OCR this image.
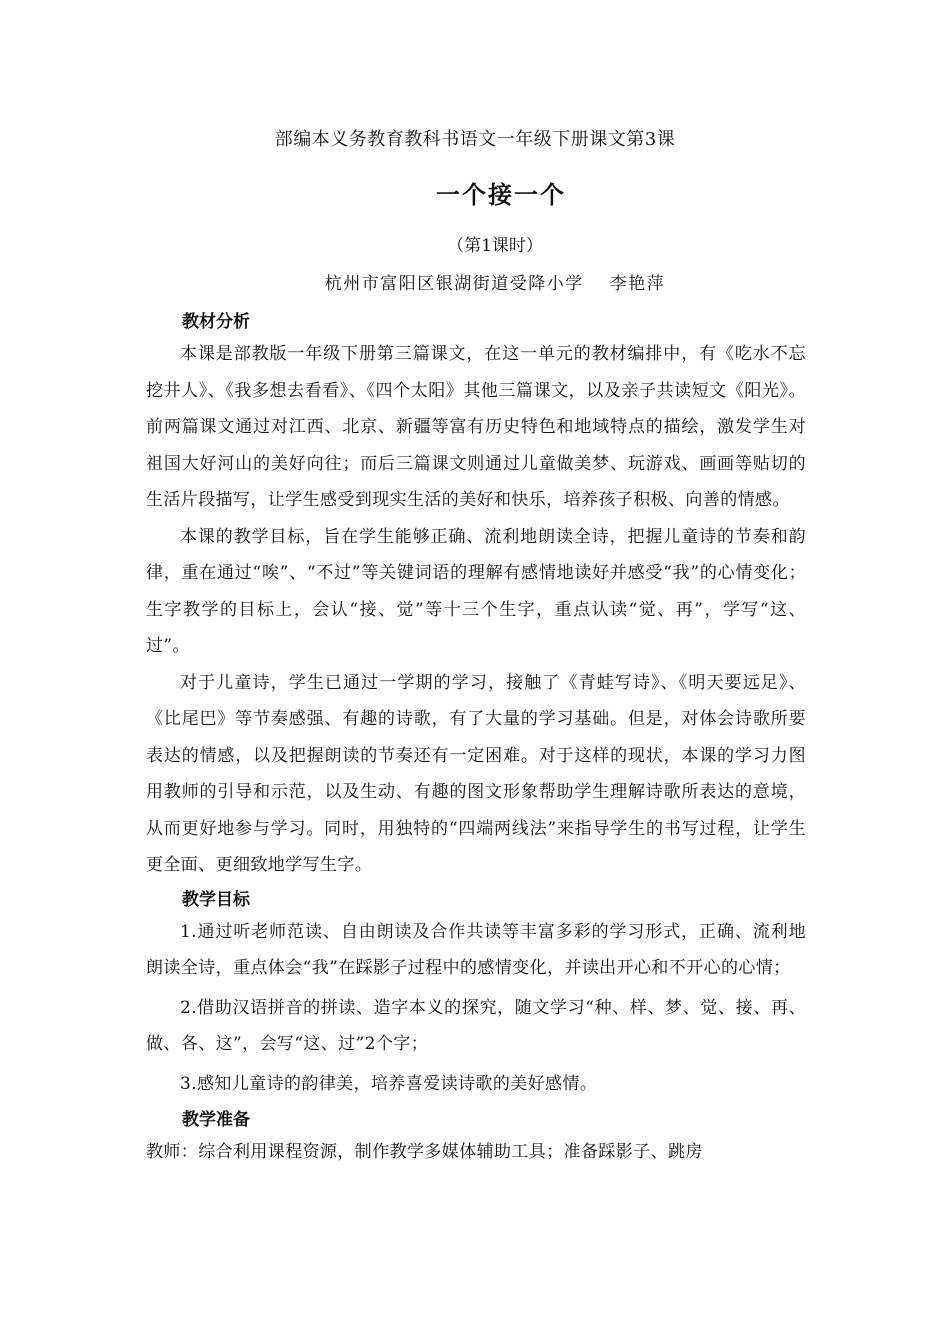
部编本义务教育教科书语文一年级下册课文第3课
一个接一个
（第1课时）
杭州市富阳区银湖街道受降小学 李艳萍
教材分析

本课是部教版一年级下册第三篇课文，在这一单元的教材编排中，有《吃水不忘挖井人》、《我多想去看看》、《四个太阳》其他三篇课文，以及亲子共读短文《阳光》。前两篇课文通过对江西、北京、新疆等富有历史特色和地域特点的描绘，激发学生对祖国大好河山的美好向往；而后三篇课文则通过儿童做美梦、玩游戏、画画等贴切的生活片段描写，让学生感受到现实生活的美好和快乐，培养孩子积极、向善的情感。

本课的教学目标，旨在学生能够正确、流利地朗读全诗，把握儿童诗的节奏和韵律，重在通过“唉”、“不过”等关键词语的理解有感情地读好并感受“我”的心情变化；生字教学的目标上，会认“接、觉”等十三个生字，重点认读“觉、再”，学写“这、过”。

对于儿童诗，学生已通过一学期的学习，接触了《青蛙写诗》、《明天要远足》、《比尾巴》等节奏感强、有趣的诗歌，有了大量的学习基础。但是，对体会诗歌所要表达的情感，以及把握朗读的节奏还有一定困难。对于这样的现状，本课的学习力图用教师的引导和示范，以及生动、有趣的图文形象帮助学生理解诗歌所表达的意境，从而更好地参与学习。同时，用独特的“四端两线法”来指导学生的书写过程，让学生更全面、更细致地学写生字。

教学目标

1.通过听老师范读、自由朗读及合作共读等丰富多彩的学习形式，正确、流利地朗读全诗，重点体会“我”在踩影子过程中的感情变化，并读出开心和不开心的心情；

2.借助汉语拼音的拼读、造字本义的探究，随文学习“种、样、梦、觉、接、再、做、各、这”，会写“这、过”2个字；

3.感知儿童诗的韵律美，培养喜爱读诗歌的美好感情。

教学准备

教师：综合利用课程资源，制作教学多媒体辅助工具；准备踩影子、跳房
